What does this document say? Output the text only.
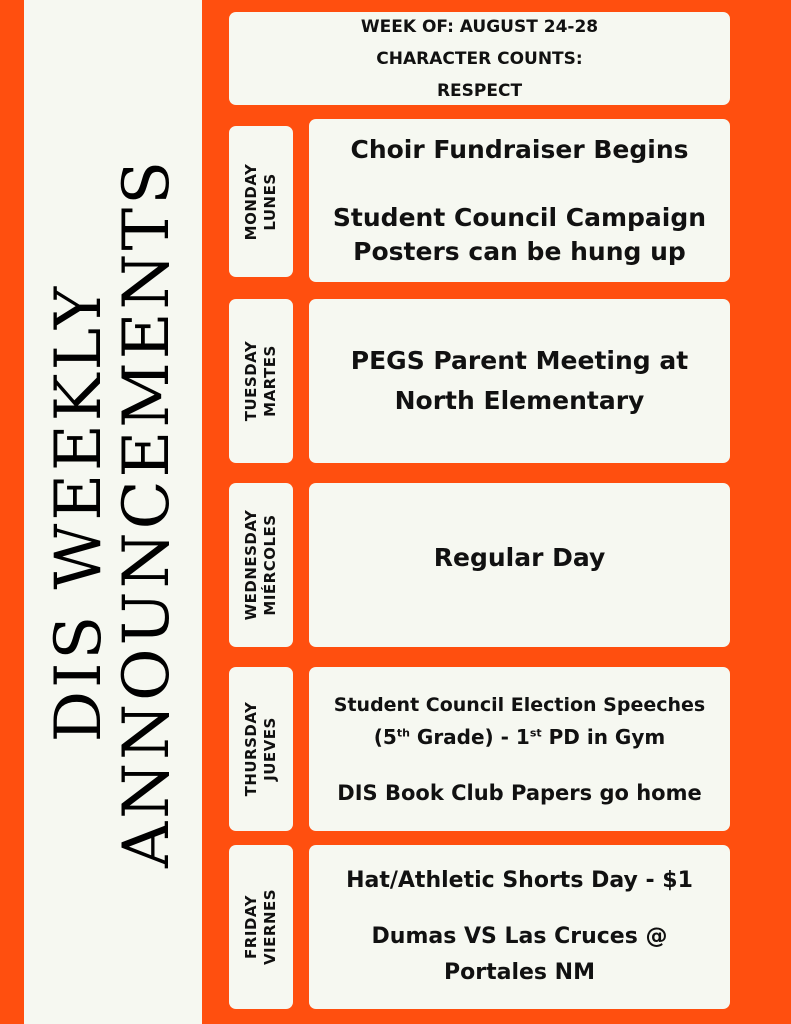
DIS WEEKLY
ANNOUNCEMENTS
WEEK OF: AUGUST 24-28
CHARACTER COUNTS:
RESPECT
MONDAY LUNES
Choir Fundraiser Begins
Student Council Campaign
Posters can be hung up
TUESDAY MARTES	PEGS Parent Meeting at
North Elementary
WEDNESDAY MIÉRCOLES	Regular Day
THURSDAY JUEVES
Student Council Election Speeches
(5th Grade) - 1st PD in Gym
DIS Book Club Papers go home
FRIDAY VIERNES
Hat/Athletic Shorts Day - $1
Dumas VS Las Cruces @
Portales NM
